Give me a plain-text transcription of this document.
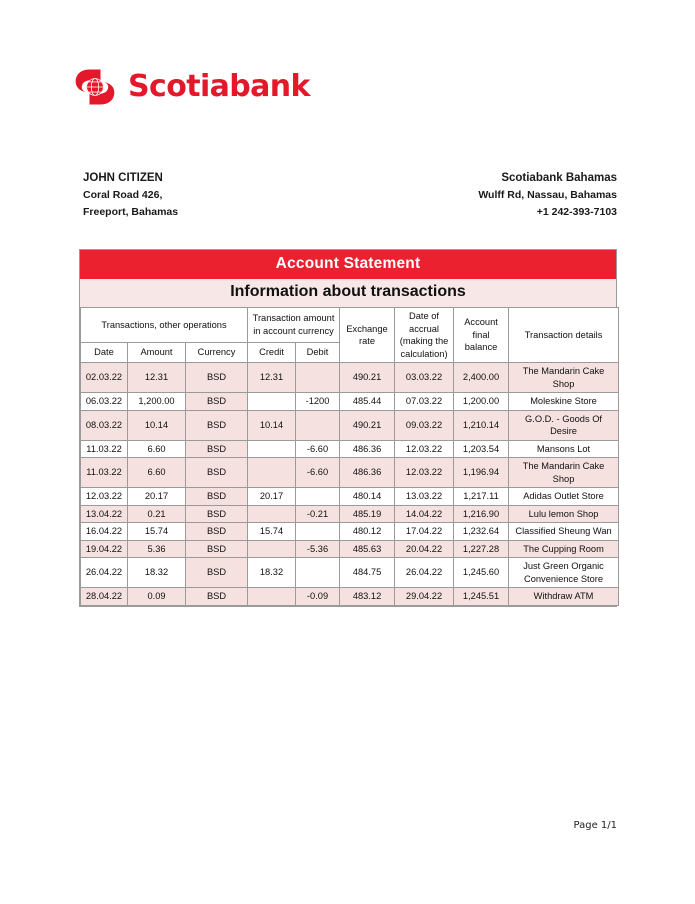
Scotiabank
JOHN CITIZEN
Coral Road 426,
Freeport, Bahamas
Scotiabank Bahamas
Wulff Rd, Nassau, Bahamas
+1 242-393-7103
Account Statement
Information about transactions
Transactions, other operations			Transaction amount in account currency		Exchange rate	Date of accrual (making the calculation)	Account final balance	Transaction details
Date	Amount	Currency	Credit	Debit				
02.03.22	12.31	BSD	12.31		490.21	03.03.22	2,400.00	The Mandarin Cake Shop
06.03.22	1,200.00	BSD		-1200	485.44	07.03.22	1,200.00	Moleskine Store
08.03.22	10.14	BSD	10.14		490.21	09.03.22	1,210.14	G.O.D. - Goods Of Desire
11.03.22	6.60	BSD		-6.60	486.36	12.03.22	1,203.54	Mansons Lot
11.03.22	6.60	BSD		-6.60	486.36	12.03.22	1,196.94	The Mandarin Cake Shop
12.03.22	20.17	BSD	20.17		480.14	13.03.22	1,217.11	Adidas Outlet Store
13.04.22	0.21	BSD		-0.21	485.19	14.04.22	1,216.90	Lulu lemon Shop
16.04.22	15.74	BSD	15.74		480.12	17.04.22	1,232.64	Classified Sheung Wan
19.04.22	5.36	BSD		-5.36	485.63	20.04.22	1,227.28	The Cupping Room
26.04.22	18.32	BSD	18.32		484.75	26.04.22	1,245.60	Just Green Organic Convenience Store
28.04.22	0.09	BSD		-0.09	483.12	29.04.22	1,245.51	Withdraw ATM
Page 1/1
